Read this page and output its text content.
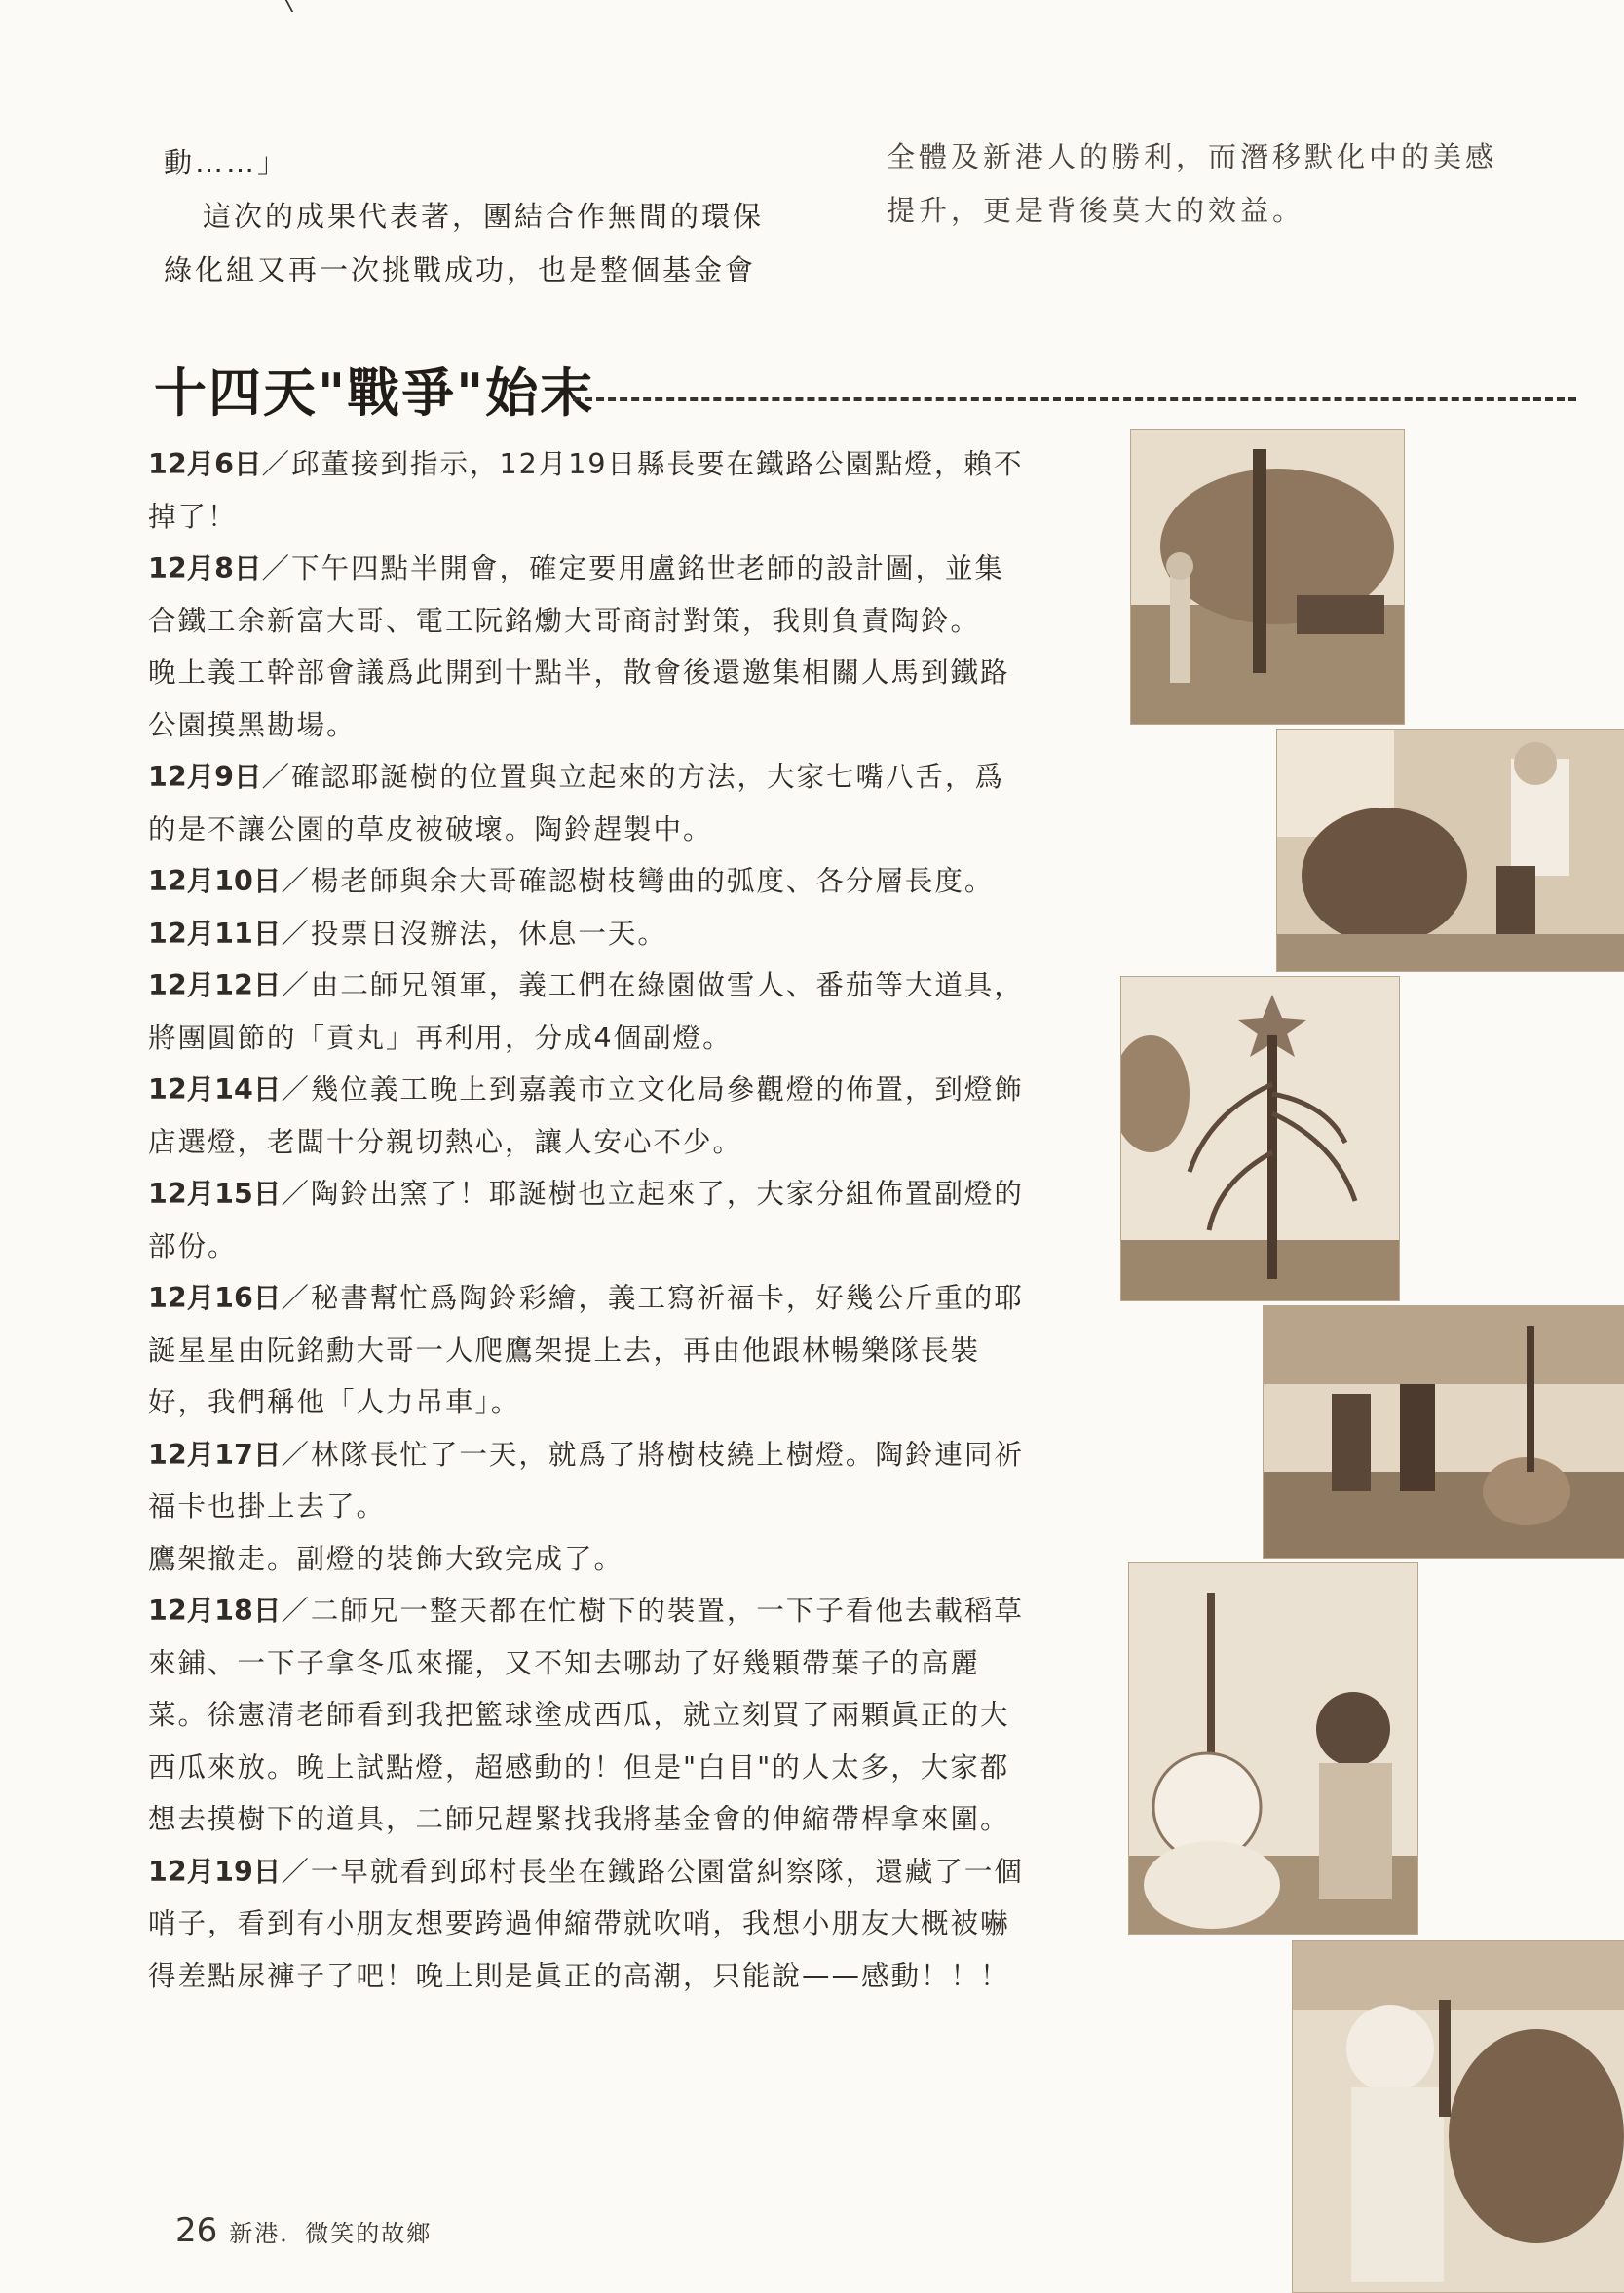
動……」

這次的成果代表著，團結合作無間的環保

綠化組又再一次挑戰成功，也是整個基金會

全體及新港人的勝利，而潛移默化中的美感

提升，更是背後莫大的效益。

十四天"戰爭"始末

12月6日／邱董接到指示，12月19日縣長要在鐵路公園點燈，賴不掉了！

12月8日／下午四點半開會，確定要用盧銘世老師的設計圖，並集合鐵工余新富大哥、電工阮銘爋大哥商討對策，我則負責陶鈴。

晚上義工幹部會議爲此開到十點半，散會後還邀集相關人馬到鐵路公園摸黑勘場。

12月9日／確認耶誕樹的位置與立起來的方法，大家七嘴八舌，爲的是不讓公園的草皮被破壞。陶鈴趕製中。

12月10日／楊老師與余大哥確認樹枝彎曲的弧度、各分層長度。

12月11日／投票日沒辦法，休息一天。

12月12日／由二師兄領軍，義工們在綠園做雪人、番茄等大道具，將團圓節的「貢丸」再利用，分成4個副燈。

12月14日／幾位義工晚上到嘉義市立文化局參觀燈的佈置，到燈飾店選燈，老闆十分親切熱心，讓人安心不少。

12月15日／陶鈴出窯了！耶誕樹也立起來了，大家分組佈置副燈的部份。

12月16日／秘書幫忙爲陶鈴彩繪，義工寫祈福卡，好幾公斤重的耶誕星星由阮銘勳大哥一人爬鷹架提上去，再由他跟林暢樂隊長裝好，我們稱他「人力吊車」。

12月17日／林隊長忙了一天，就爲了將樹枝繞上樹燈。陶鈴連同祈福卡也掛上去了。

鷹架撤走。副燈的裝飾大致完成了。

12月18日／二師兄一整天都在忙樹下的裝置，一下子看他去載稻草來鋪、一下子拿冬瓜來擺，又不知去哪劫了好幾顆帶葉子的高麗菜。徐憲清老師看到我把籃球塗成西瓜，就立刻買了兩顆眞正的大西瓜來放。晚上試點燈，超感動的！但是"白目"的人太多，大家都想去摸樹下的道具，二師兄趕緊找我將基金會的伸縮帶桿拿來圍。

12月19日／一早就看到邱村長坐在鐵路公園當糾察隊，還藏了一個哨子，看到有小朋友想要跨過伸縮帶就吹哨，我想小朋友大概被嚇得差點尿褲子了吧！晚上則是眞正的高潮，只能說——感動！！！

26 新港．微笑的故鄉
